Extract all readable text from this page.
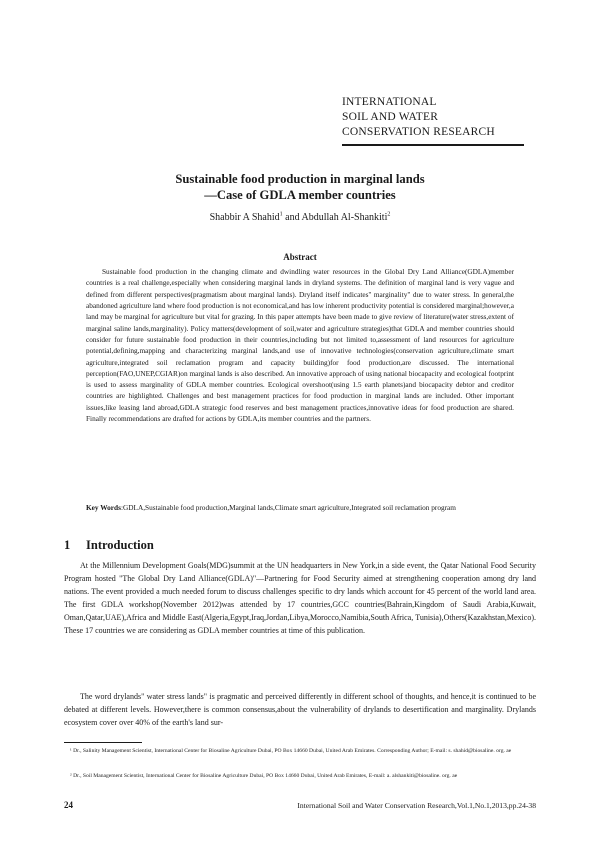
INTERNATIONAL
SOIL AND WATER
CONSERVATION RESEARCH
Sustainable food production in marginal lands
—Case of GDLA member countries
Shabbir A Shahid$^1$ and Abdullah Al-Shankiti$^2$
Abstract

Sustainable food production in the changing climate and dwindling water resources in the Global Dry Land Alliance(GDLA)member countries is a real challenge,especially when considering marginal lands in dryland systems. The definition of marginal land is very vague and defined from different perspectives(pragmatism about marginal lands). Dryland itself indicates" marginality" due to water stress. In general,the abandoned agriculture land where food production is not economical,and has low inherent productivity potential is considered marginal;however,a land may be marginal for agriculture but vital for grazing. In this paper attempts have been made to give review of literature(water stress,extent of marginal saline lands,marginality). Policy matters(development of soil,water and agriculture strategies)that GDLA and member countries should consider for future sustainable food production in their countries,including but not limited to,assessment of land resources for agriculture potential,defining,mapping and characterizing marginal lands,and use of innovative technologies(conservation agriculture,climate smart agriculture,integrated soil reclamation program and capacity building)for food production,are discussed. The international perception(FAO,UNEP,CGIAR)on marginal lands is also described. An innovative approach of using national biocapacity and ecological footprint is used to assess marginality of GDLA member countries. Ecological overshoot(using 1.5 earth planets)and biocapacity debtor and creditor countries are highlighted. Challenges and best management practices for food production in marginal lands are included. Other important issues,like leasing land abroad,GDLA strategic food reserves and best management practices,innovative ideas for food production are shared. Finally recommendations are drafted for actions by GDLA,its member countries and the partners.

Key Words:GDLA,Sustainable food production,Marginal lands,Climate smart agriculture,Integrated soil reclamation program

1 Introduction

At the Millennium Development Goals(MDG)summit at the UN headquarters in New York,in a side event, the Qatar National Food Security Program hosted "The Global Dry Land Alliance(GDLA)"—Partnering for Food Security aimed at strengthening cooperation among dry land nations. The event provided a much needed forum to discuss challenges specific to dry lands which account for 45 percent of the world land area. The first GDLA workshop(November 2012)was attended by 17 countries,GCC countries(Bahrain,Kingdom of Saudi Arabia,Kuwait, Oman,Qatar,UAE),Africa and Middle East(Algeria,Egypt,Iraq,Jordan,Libya,Morocco,Namibia,South Africa, Tunisia),Others(Kazakhstan,Mexico). These 17 countries we are considering as GDLA member countries at time of this publication.

The word drylands" water stress lands" is pragmatic and perceived differently in different school of thoughts, and hence,it is continued to be debated at different levels. However,there is common consensus,about the vulnerability of drylands to desertification and marginality. Drylands ecosystem cover over 40% of the earth's land sur-

¹ Dr., Salinity Management Scientist, International Center for Biosaline Agriculture Dubai, PO Box 14660 Dubai, United Arab Emirates. Corresponding Author; E-mail: s. shahid@biosaline. org. ae

² Dr., Soil Management Scientist, International Center for Biosaline Agriculture Dubai, PO Box 14660 Dubai, United Arab Emirates, E-mail: a. alshankiti@biosaline. org. ae

24	International Soil and Water Conservation Research,Vol.1,No.1,2013,pp.24-38
